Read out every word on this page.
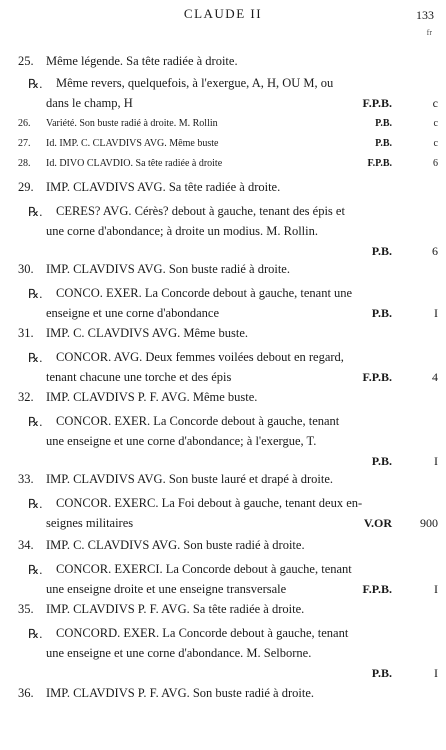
CLAUDE II	133
fr
25. Même légende. Sa tête radiée à droite.
℞. Même revers, quelquefois, à l'exergue, A, H, OU M, ou
dans le champ, H	F.P.B.	c
26. Variété. Son buste radié à droite. M. Rollin	P.B.	c
27. Id. IMP. C. CLAVDIVS AVG. Même buste	P.B.	c
28. Id. DIVO CLAVDIO. Sa tête radiée à droite	F.P.B.	6
29. IMP. CLAVDIVS AVG. Sa tête radiée à droite.
℞. CERES? AVG. Cérès? debout à gauche, tenant des épis et
une corne d'abondance; à droite un modius. M. Rollin.
P.B.	6
30. IMP. CLAVDIVS AVG. Son buste radié à droite.
℞. CONCO. EXER. La Concorde debout à gauche, tenant une
enseigne et une corne d'abondance	P.B.	I
31. IMP. C. CLAVDIVS AVG. Même buste.
℞. CONCOR. AVG. Deux femmes voilées debout en regard,
tenant chacune une torche et des épis	F.P.B.	4
32. IMP. CLAVDIVS P. F. AVG. Même buste.
℞. CONCOR. EXER. La Concorde debout à gauche, tenant
une enseigne et une corne d'abondance; à l'exergue, T.
P.B.	I
33. IMP. CLAVDIVS AVG. Son buste lauré et drapé à droite.
℞. CONCOR. EXERC. La Foi debout à gauche, tenant deux en-
seignes militaires	V.OR 900
34. IMP. C. CLAVDIVS AVG. Son buste radié à droite.
℞. CONCOR. EXERCI. La Concorde debout à gauche, tenant
une enseigne droite et une enseigne transversale	F.P.B.	I
35. IMP. CLAVDIVS P. F. AVG. Sa tête radiée à droite.
℞. CONCORD. EXER. La Concorde debout à gauche, tenant
une enseigne et une corne d'abondance. M. Selborne.
P.B.	I
36. IMP. CLAVDIVS P. F. AVG. Son buste radié à droite.
